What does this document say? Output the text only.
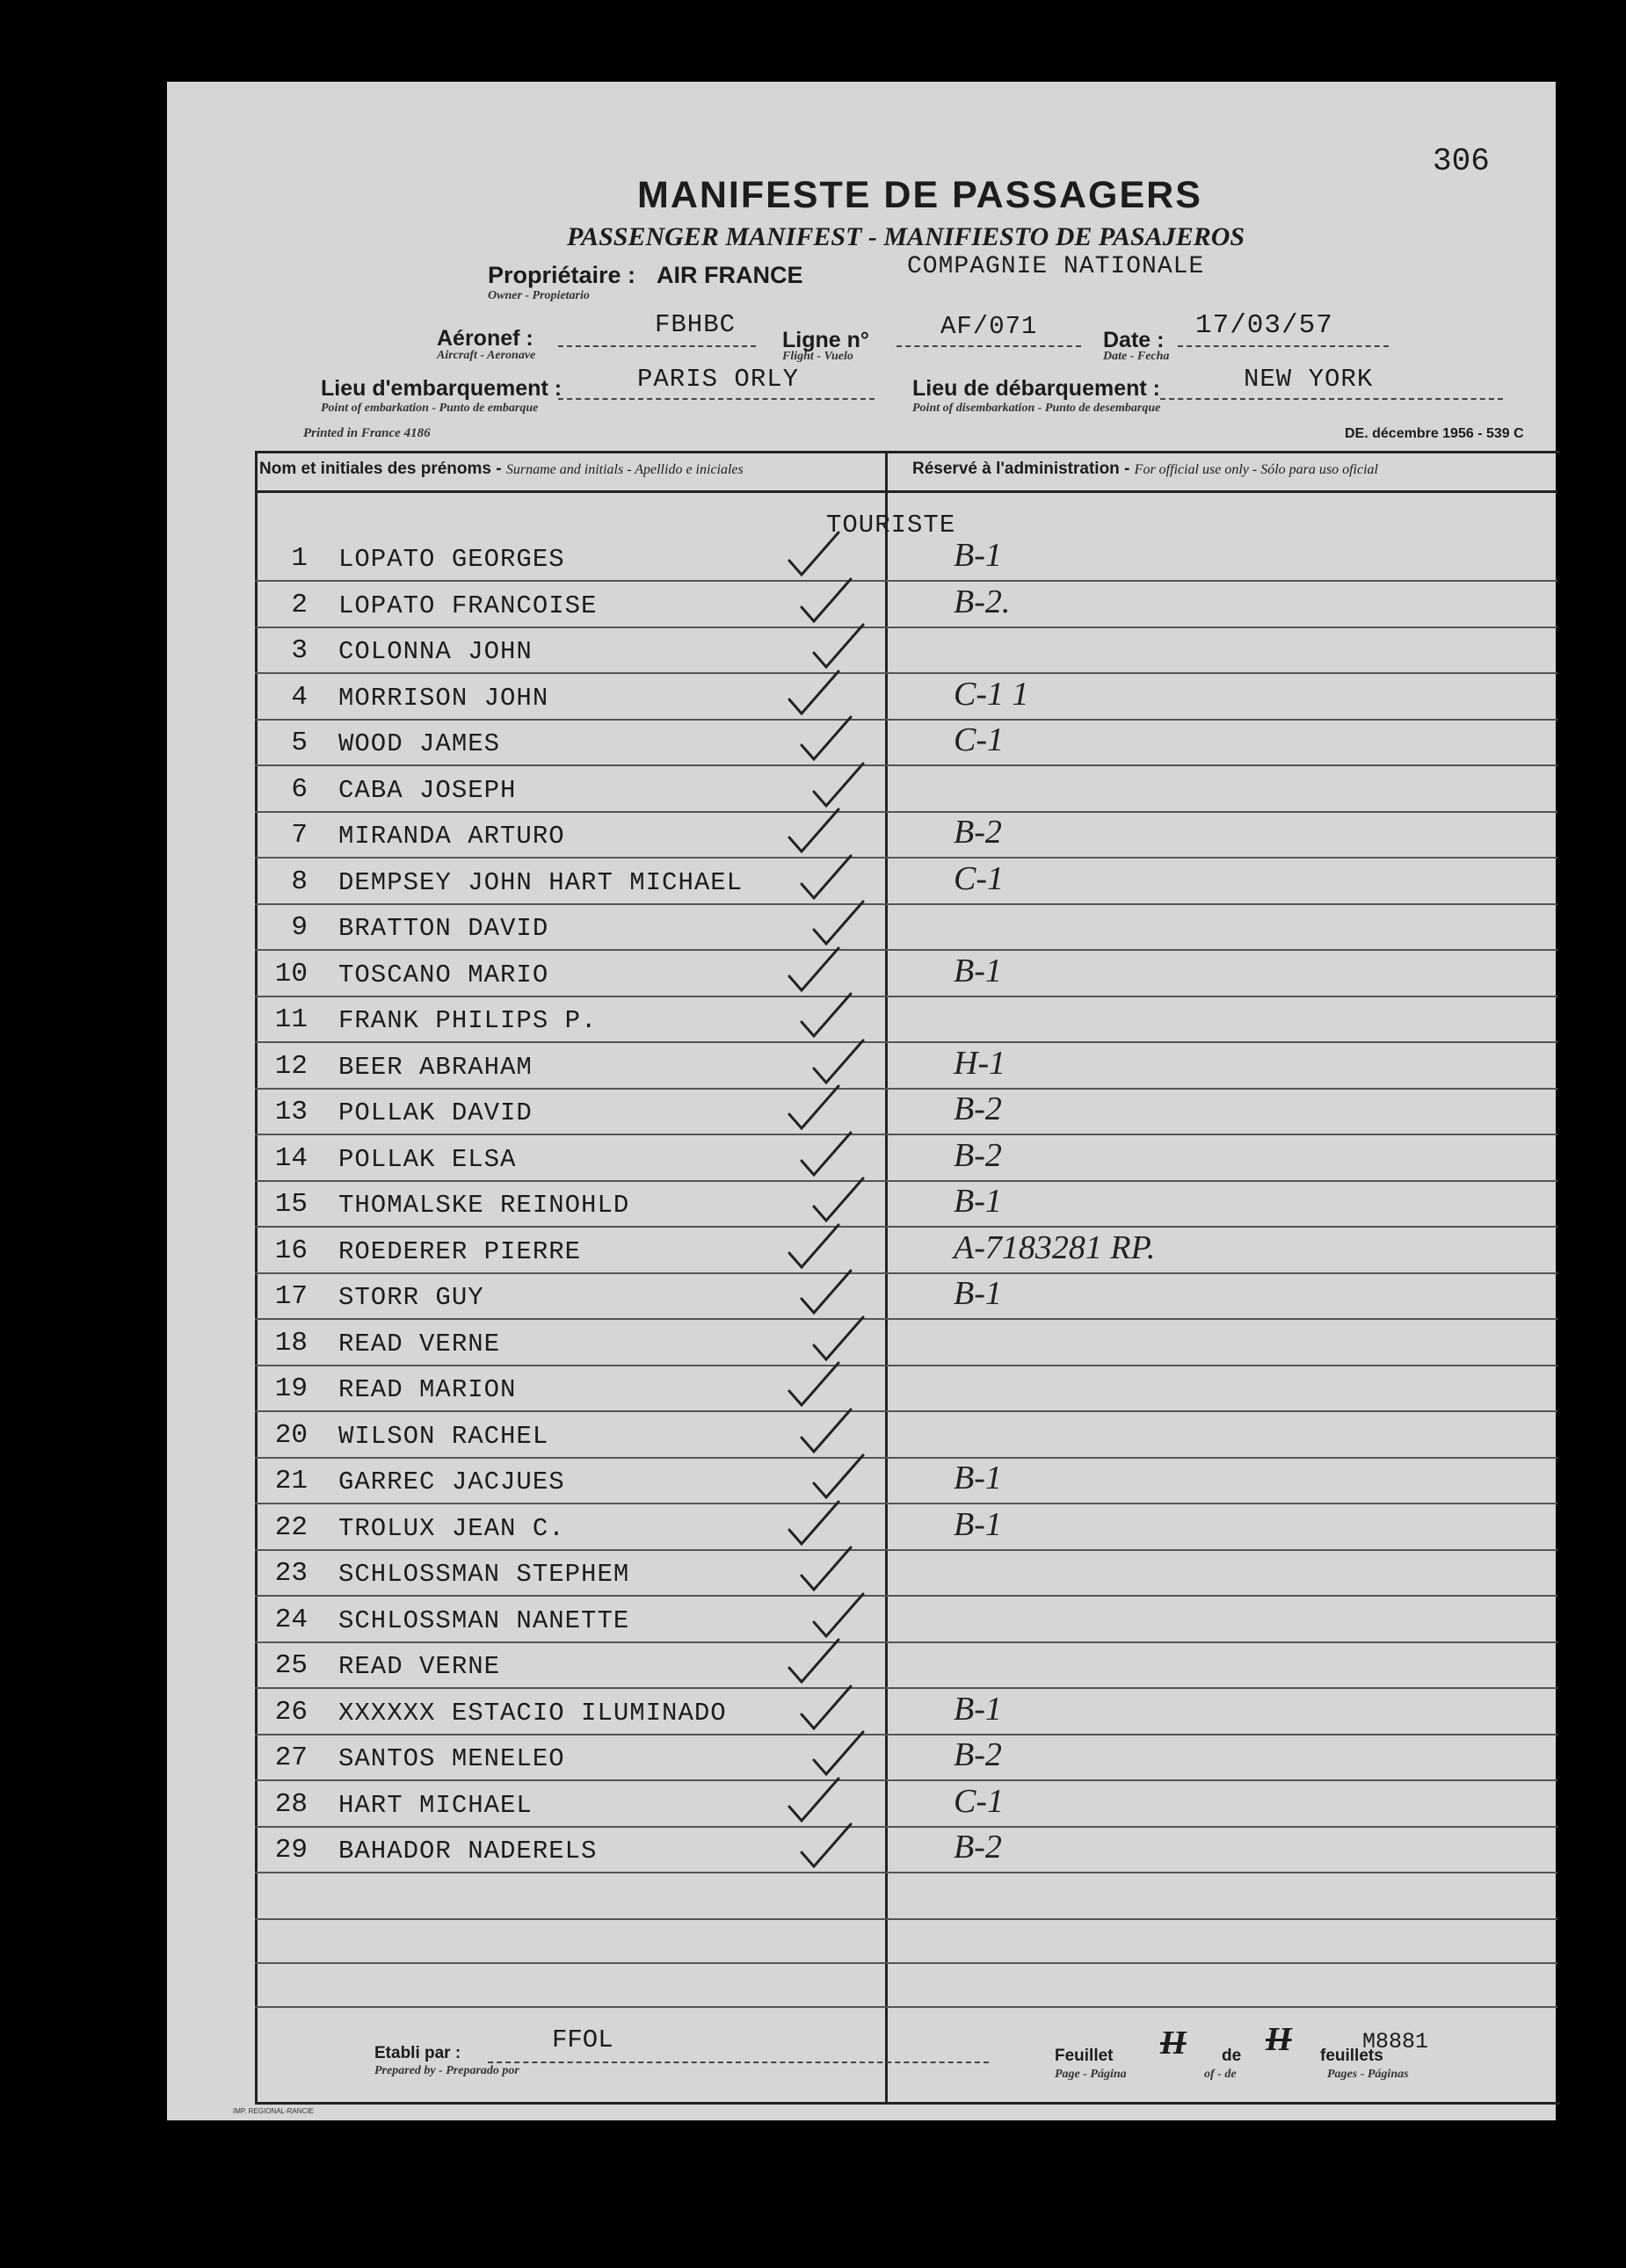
306
MANIFESTE DE PASSAGERS
PASSENGER MANIFEST - MANIFIESTO DE PASAJEROS
Propriétaire : AIR FRANCE
Owner - Propietario
COMPAGNIE NATIONALE
Aéronef :	FBHBC
Aircraft - Aeronave
Ligne n°	AF/071
Flight - Vuelo
Date : 17/03/57
Date - Fecha
Lieu d'embarquement :	PARIS ORLY
Point of embarkation - Punto de embarque
Lieu de débarquement :	NEW YORK
Point of disembarkation - Punto de desembarque
Printed in France 4186	DE. décembre 1956 - 539 C
Nom et initiales des prénoms - Surname and initials - Apellido e iniciales	Réservé à l'administration - For official use only - Sólo para uso oficial
TOURISTE
Etabli par :	FFOL
Prepared by - Preparado por
Feuillet II de II feuillets
M8881
Page - Página	of - de	Pages - Páginas
IMP. REGIONAL-RANCIE
1 LOPATO GEORGES	B-1
2 LOPATO FRANCOISE	B-2.
3 COLONNA JOHN
4 MORRISON JOHN	C-1 1
5 WOOD JAMES	C-1
6 CABA JOSEPH
7 MIRANDA ARTURO	B-2
8 DEMPSEY JOHN HART MICHAEL	C-1
9 BRATTON DAVID
10 TOSCANO MARIO	B-1
11 FRANK PHILIPS P.
12 BEER ABRAHAM	H-1
13 POLLAK DAVID	B-2
14 POLLAK ELSA	B-2
15 THOMALSKE REINOHLD	B-1
16 ROEDERER PIERRE	A-7183281 RP.
17 STORR GUY	B-1
18 READ VERNE
19 READ MARION
20 WILSON RACHEL
21 GARREC JACJUES	B-1
22 TROLUX JEAN C.	B-1
23 SCHLOSSMAN STEPHEM
24 SCHLOSSMAN NANETTE
25 READ VERNE
26 XXXXXX ESTACIO ILUMINADO	B-1
27 SANTOS MENELEO	B-2
28 HART MICHAEL	C-1
29 BAHADOR NADERELS	B-2
